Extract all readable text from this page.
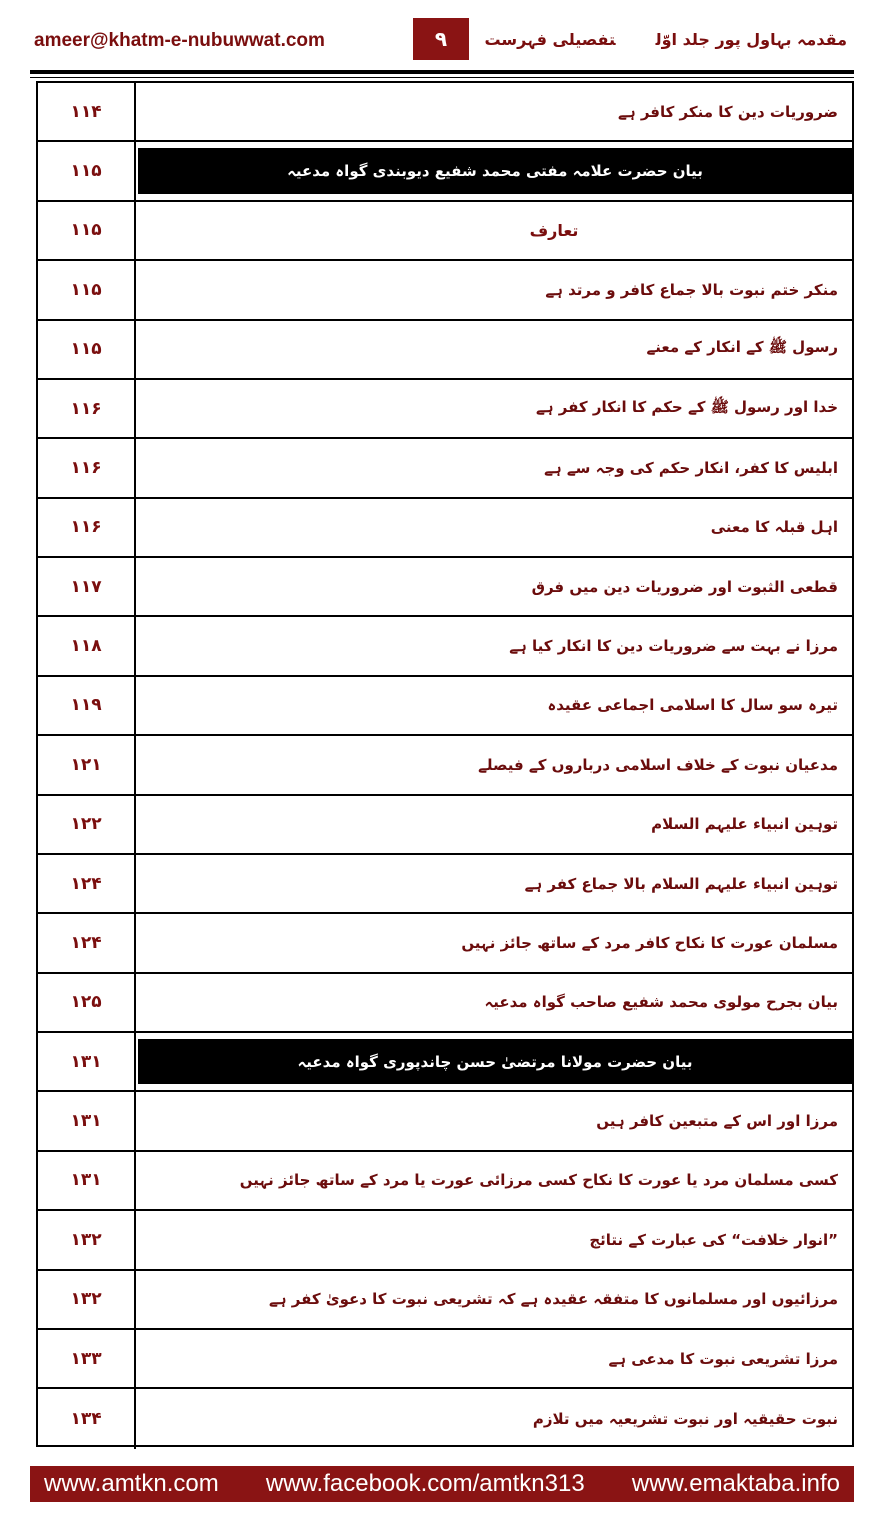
ameer@khatm-e-nubuwwat.com	۹	مقدمہ بہاول پور جلد اوّلتفصیلی فہرست
۱۱۴	ضروریات دین کا منکر کافر ہے
۱۱۵	بیان حضرت علامہ مفتی محمد شفیع دیوبندی گواہ مدعیہ
۱۱۵	تعارف
۱۱۵	منکر ختم نبوت بالا جماع کافر و مرتد ہے
۱۱۵	رسول ﷺ کے انکار کے معنے
۱۱۶	خدا اور رسول ﷺ کے حکم کا انکار کفر ہے
۱۱۶	ابلیس کا کفر، انکار حکم کی وجہ سے ہے
۱۱۶	اہل قبلہ کا معنی
۱۱۷	قطعی الثبوت اور ضروریات دین میں فرق
۱۱۸	مرزا نے بہت سے ضروریات دین کا انکار کیا ہے
۱۱۹	تیرہ سو سال کا اسلامی اجماعی عقیدہ
۱۲۱	مدعیان نبوت کے خلاف اسلامی درباروں کے فیصلے
۱۲۲	توہین انبیاء علیہم السلام
۱۲۴	توہین انبیاء علیہم السلام بالا جماع کفر ہے
۱۲۴	مسلمان عورت کا نکاح کافر مرد کے ساتھ جائز نہیں
۱۲۵	بیان بجرح مولوی محمد شفیع صاحب گواہ مدعیہ
۱۳۱	بیان حضرت مولانا مرتضیٰ حسن چاندپوری گواہ مدعیہ
۱۳۱	مرزا اور اس کے متبعین کافر ہیں
۱۳۱	کسی مسلمان مرد یا عورت کا نکاح کسی مرزائی عورت یا مرد کے ساتھ جائز نہیں
۱۳۲	”انوار خلافت“ کی عبارت کے نتائج
۱۳۲	مرزائیوں اور مسلمانوں کا متفقہ عقیدہ ہے کہ تشریعی نبوت کا دعویٰ کفر ہے
۱۳۳	مرزا تشریعی نبوت کا مدعی ہے
۱۳۴	نبوت حقیقیہ اور نبوت تشریعیہ میں تلازم
www.amtkn.com www.facebook.com/amtkn313 www.emaktaba.info
